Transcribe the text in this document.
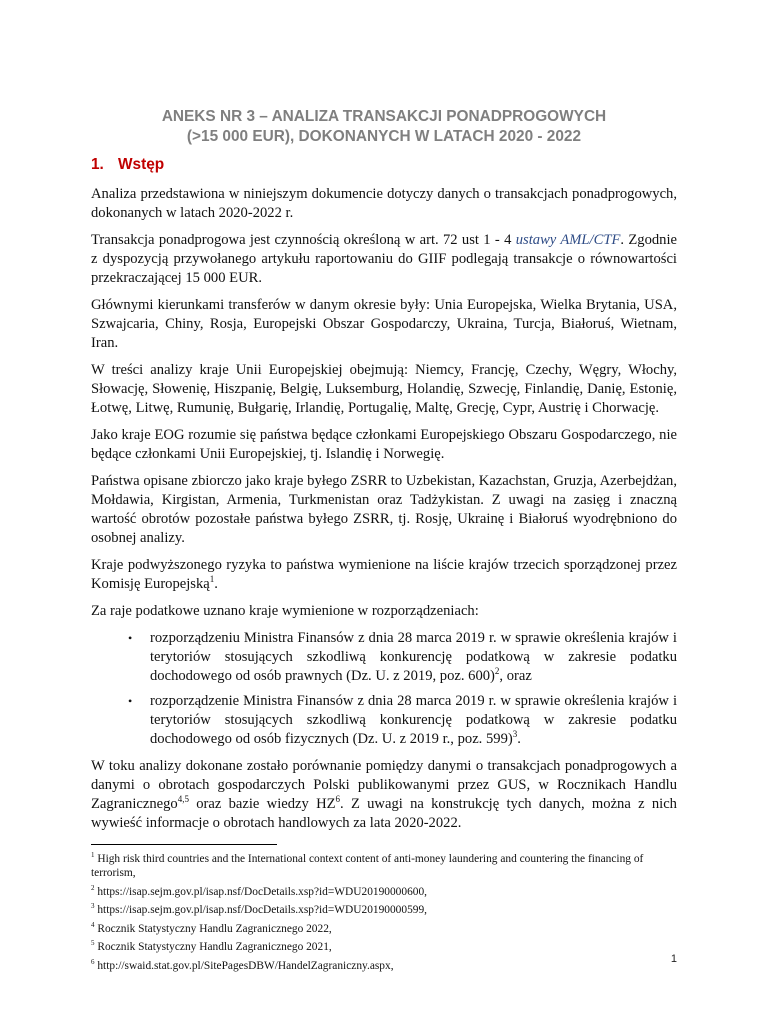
ANEKS NR 3 – ANALIZA TRANSAKCJI PONADPROGOWYCH
(>15 000 EUR), DOKONANYCH W LATACH 2020 - 2022
1. Wstęp

Analiza przedstawiona w niniejszym dokumencie dotyczy danych o transakcjach ponadprogowych, dokonanych w latach 2020-2022 r.

Transakcja ponadprogowa jest czynnością określoną w art. 72 ust 1 - 4 ustawy AML/CTF. Zgodnie z dyspozycją przywołanego artykułu raportowaniu do GIIF podlegają transakcje o równowartości przekraczającej 15 000 EUR.

Głównymi kierunkami transferów w danym okresie były: Unia Europejska, Wielka Brytania, USA, Szwajcaria, Chiny, Rosja, Europejski Obszar Gospodarczy, Ukraina, Turcja, Białoruś, Wietnam, Iran.

W treści analizy kraje Unii Europejskiej obejmują: Niemcy, Francję, Czechy, Węgry, Włochy, Słowację, Słowenię, Hiszpanię, Belgię, Luksemburg, Holandię, Szwecję, Finlandię, Danię, Estonię, Łotwę, Litwę, Rumunię, Bułgarię, Irlandię, Portugalię, Maltę, Grecję, Cypr, Austrię i Chorwację.

Jako kraje EOG rozumie się państwa będące członkami Europejskiego Obszaru Gospodarczego, nie będące członkami Unii Europejskiej, tj. Islandię i Norwegię.

Państwa opisane zbiorczo jako kraje byłego ZSRR to Uzbekistan, Kazachstan, Gruzja, Azerbejdżan, Mołdawia, Kirgistan, Armenia, Turkmenistan oraz Tadżykistan. Z uwagi na zasięg i znaczną wartość obrotów pozostałe państwa byłego ZSRR, tj. Rosję, Ukrainę i Białoruś wyodrębniono do osobnej analizy.

Kraje podwyższonego ryzyka to państwa wymienione na liście krajów trzecich sporządzonej przez Komisję Europejską$^1$.

Za raje podatkowe uznano kraje wymienione w rozporządzeniach:

• rozporządzeniu Ministra Finansów z dnia 28 marca 2019 r. w sprawie określenia krajów i terytoriów stosujących szkodliwą konkurencję podatkową w zakresie podatku dochodowego od osób prawnych (Dz. U. z 2019, poz. 600)$^2$, oraz
• rozporządzenie Ministra Finansów z dnia 28 marca 2019 r. w sprawie określenia krajów i terytoriów stosujących szkodliwą konkurencję podatkową w zakresie podatku dochodowego od osób fizycznych (Dz. U. z 2019 r., poz. 599)$^3$.

W toku analizy dokonane zostało porównanie pomiędzy danymi o transakcjach ponadprogowych a danymi o obrotach gospodarczych Polski publikowanymi przez GUS, w Rocznikach Handlu Zagranicznego$^{4,5}$ oraz bazie wiedzy $HZ^6$. Z uwagi na konstrukcję tych danych, można z nich wywieść informacje o obrotach handlowych za lata 2020-2022.

$^1$ High risk third countries and the International context content of anti-money laundering and countering the financing of terrorism,

$^2$ https://isap.sejm.gov.pl/isap.nsf/DocDetails.xsp?id=WDU20190000600,

$^3$ https://isap.sejm.gov.pl/isap.nsf/DocDetails.xsp?id=WDU20190000599,

$^4$ Rocznik Statystyczny Handlu Zagranicznego 2022,

$^5$ Rocznik Statystyczny Handlu Zagranicznego 2021,

$^6$ http://swaid.stat.gov.pl/SitePagesDBW/HandelZagraniczny.aspx,

1
